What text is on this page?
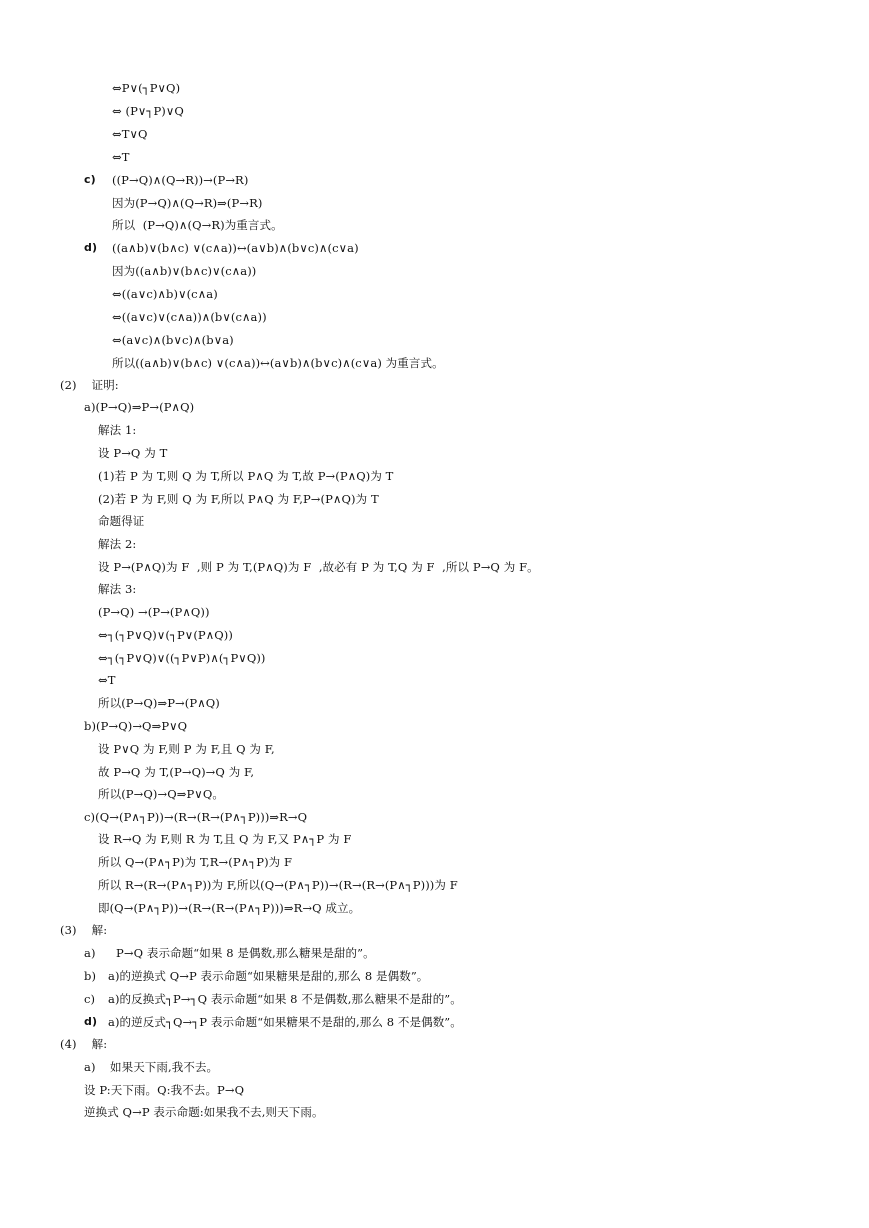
⇔P∨(┐P∨Q)
⇔ (P∨┐P)∨Q
⇔T∨Q
⇔T
c) ((P→Q)∧(Q→R))→(P→R)
因为(P→Q)∧(Q→R)⇒(P→R)
所以  (P→Q)∧(Q→R)为重言式。
d) ((a∧b)∨(b∧c) ∨(c∧a))↔(a∨b)∧(b∨c)∧(c∨a)
因为((a∧b)∨(b∧c)∨(c∧a))
⇔((a∨c)∧b)∨(c∧a)
⇔((a∨c)∨(c∧a))∧(b∨(c∧a))
⇔(a∨c)∧(b∨c)∧(b∨a)
所以((a∧b)∨(b∧c) ∨(c∧a))↔(a∨b)∧(b∨c)∧(c∨a) 为重言式。
(2)    证明:
a)(P→Q)⇒P→(P∧Q)
解法 1:
设 P→Q 为 T
(1)若 P 为 T,则 Q 为 T,所以 P∧Q 为 T,故 P→(P∧Q)为 T
(2)若 P 为 F,则 Q 为 F,所以 P∧Q 为 F,P→(P∧Q)为 T
命题得证
解法 2:
设 P→(P∧Q)为 F  ,则 P 为 T,(P∧Q)为 F  ,故必有 P 为 T,Q 为 F  ,所以 P→Q 为 F。
解法 3:
(P→Q) →(P→(P∧Q))
⇔┐(┐P∨Q)∨(┐P∨(P∧Q))
⇔┐(┐P∨Q)∨((┐P∨P)∧(┐P∨Q))
⇔T
所以(P→Q)⇒P→(P∧Q)
b)(P→Q)→Q⇒P∨Q
设 P∨Q 为 F,则 P 为 F,且 Q 为 F,
故 P→Q 为 T,(P→Q)→Q 为 F,
所以(P→Q)→Q⇒P∨Q。
c)(Q→(P∧┐P))→(R→(R→(P∧┐P)))⇒R→Q
设 R→Q 为 F,则 R 为 T,且 Q 为 F,又 P∧┐P 为 F
所以 Q→(P∧┐P)为 T,R→(P∧┐P)为 F
所以 R→(R→(P∧┐P))为 F,所以(Q→(P∧┐P))→(R→(R→(P∧┐P)))为 F
即(Q→(P∧┐P))→(R→(R→(P∧┐P)))⇒R→Q 成立。
(3)    解:
a) P→Q 表示命题“如果 8 是偶数,那么糖果是甜的”。
b) a)的逆换式 Q→P 表示命题“如果糖果是甜的,那么 8 是偶数”。
c) a)的反换式┐P→┐Q 表示命题“如果 8 不是偶数,那么糖果不是甜的”。
d) a)的逆反式┐Q→┐P 表示命题“如果糖果不是甜的,那么 8 不是偶数”。
(4)    解:
a) 如果天下雨,我不去。
设 P:天下雨。Q:我不去。P→Q
逆换式 Q→P 表示命题:如果我不去,则天下雨。
